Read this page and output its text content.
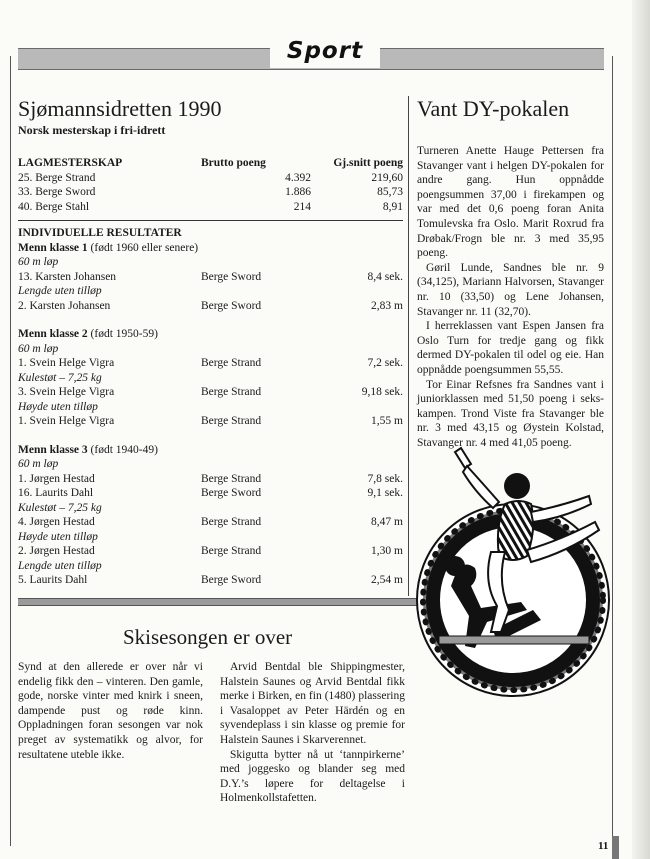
Sport
Sjømannsidretten 1990
Norsk mesterskap i fri-idrett
LAGMESTERSKAP	Brutto poeng	Gj.snitt poeng
25. Berge Strand	4.392	219,60
33. Berge Sword	1.886	85,73
40. Berge Stahl	214	8,91
INDIVIDUELLE RESULTATER
Menn klasse 1 (født 1960 eller senere)
60 m løp
13. Karsten Johansen	Berge Sword	8,4 sek.
Lengde uten tilløp
2. Karsten Johansen	Berge Sword	2,83 m
Menn klasse 2 (født 1950-59)
60 m løp
1. Svein Helge Vigra	Berge Strand	7,2 sek.
Kulestøt – 7,25 kg
3. Svein Helge Vigra	Berge Strand	9,18 sek.
Høyde uten tilløp
1. Svein Helge Vigra	Berge Strand	1,55 m
Menn klasse 3 (født 1940-49)
60 m løp
1. Jørgen Hestad	Berge Strand	7,8 sek.
16. Laurits Dahl	Berge Sword	9,1 sek.
Kulestøt – 7,25 kg
4. Jørgen Hestad	Berge Strand	8,47 m
Høyde uten tilløp
2. Jørgen Hestad	Berge Strand	1,30 m
Lengde uten tilløp
5. Laurits Dahl	Berge Sword	2,54 m
Vant DY-pokalen

Turneren Anette Hauge Pettersen fra Stavanger vant i helgen DY-pokalen for andre gang. Hun oppnådde poengsummen 37,00 i firekampen og var med det 0,6 poeng foran Anita Tomulevska fra Oslo. Marit Roxrud fra Drøbak/Frogn ble nr. 3 med 35,95 poeng.

Gøril Lunde, Sandnes ble nr. 9 (34,125), Mariann Halvorsen, Stavanger nr. 10 (33,50) og Lene Johansen, Stavanger nr. 11 (32,70).

I herreklassen vant Espen Jansen fra Oslo Turn for tredje gang og fikk dermed DY-pokalen til odel og eie. Han oppnådde poengsummen 55,55.

Tor Einar Refsnes fra Sandnes vant i juniorklassen med 51,50 poeng i seks-kampen. Trond Viste fra Stavanger ble nr. 3 med 43,15 og Øystein Kolstad, Stavanger nr. 4 med 41,05 poeng.

Skisesongen er over

Synd at den allerede er over når vi endelig fikk den – vinteren. Den gamle, gode, norske vinter med knirk i sneen, dampende pust og røde kinn. Oppladningen foran sesongen var nok preget av systematikk og alvor, for resultatene uteble ikke.

Arvid Bentdal ble Shippingmester, Halstein Saunes og Arvid Bentdal fikk merke i Birken, en fin (1480) plassering i Vasaloppet av Peter Härdén og en syvendeplass i sin klasse og premie for Halstein Saunes i Skarverennet.

Skigutta bytter nå ut ‘tannpirkerne’ med joggesko og blander seg med D.Y.’s løpere for deltagelse i Holmenkollstafetten.

11
